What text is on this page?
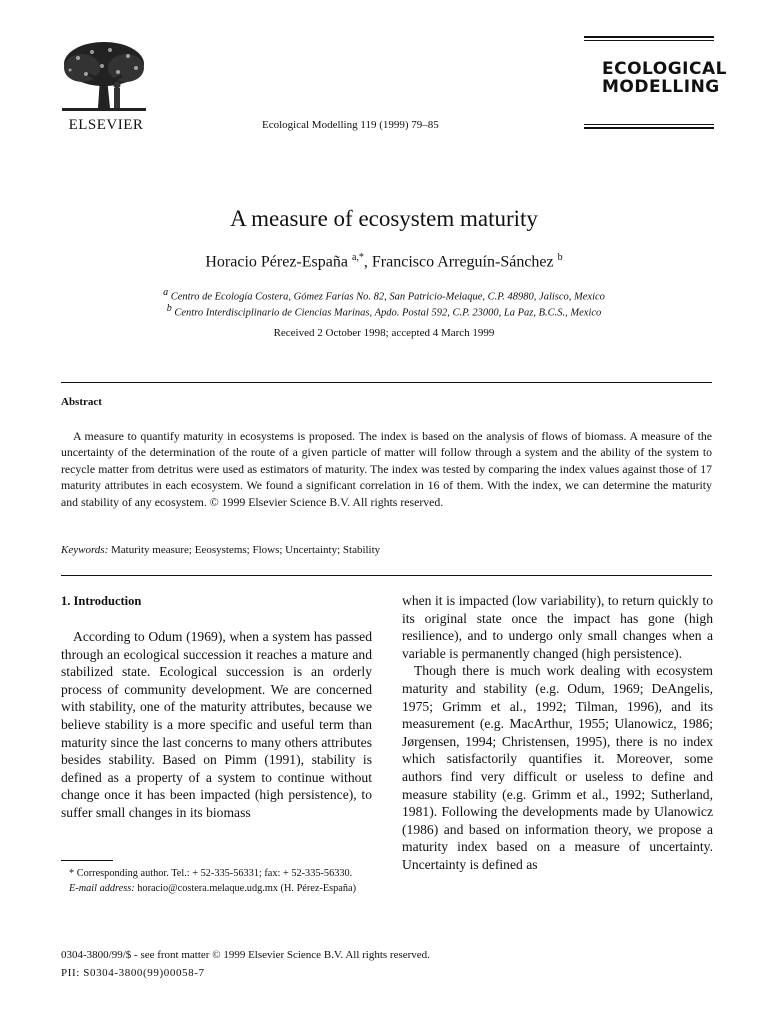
ELSEVIER	Ecological Modelling 119 (1999) 79–85
ECOLOGICAL
MODELLING
A measure of ecosystem maturity
Horacio Pérez-España $^{a,*}$, Francisco Arreguín-Sánchez $^b$
$^a$ Centro de Ecología Costera, Gómez Farías No. 82, San Patricio-Melaque, C.P. 48980, Jalisco, Mexico
$^b$ Centro Interdisciplinario de Ciencias Marinas, Apdo. Postal 592, C.P. 23000, La Paz, B.C.S., Mexico
Received 2 October 1998; accepted 4 March 1999
Abstract
A measure to quantify maturity in ecosystems is proposed. The index is based on the analysis of flows of biomass. A measure of the uncertainty of the determination of the route of a given particle of matter will follow through a system and the ability of the system to recycle matter from detritus were used as estimators of maturity. The index was tested by comparing the index values against those of 17 maturity attributes in each ecosystem. We found a significant correlation in 16 of them. With the index, we can determine the maturity and stability of any ecosystem. © 1999 Elsevier Science B.V. All rights reserved.
Keywords: Maturity measure; Eeosystems; Flows; Uncertainty; Stability
1. Introduction

According to Odum (1969), when a system has passed through an ecological succession it reaches a mature and stabilized state. Ecological succession is an orderly process of community development. We are concerned with stability, one of the maturity attributes, because we believe stability is a more specific and useful term than maturity since the last concerns to many others attributes besides stability. Based on Pimm (1991), stability is defined as a property of a system to continue without change once it has been impacted (high persistence), to suffer small changes in its biomass

when it is impacted (low variability), to return quickly to its original state once the impact has gone (high resilience), and to undergo only small changes when a variable is permanently changed (high persistence).

Though there is much work dealing with ecosystem maturity and stability (e.g. Odum, 1969; DeAngelis, 1975; Grimm et al., 1992; Tilman, 1996), and its measurement (e.g. MacArthur, 1955; Ulanowicz, 1986; Jørgensen, 1994; Christensen, 1995), there is no index which satisfactorily quantifies it. Moreover, some authors find very difficult or useless to define and measure stability (e.g. Grimm et al., 1992; Sutherland, 1981). Following the developments made by Ulanowicz (1986) and based on information theory, we propose a maturity index based on a measure of uncertainty. Uncertainty is defined as

* Corresponding author. Tel.: + 52-335-56331; fax: + 52-335-56330.

E-mail address: horacio@costera.melaque.udg.mx (H. Pérez-España)

0304-3800/99/$ - see front matter © 1999 Elsevier Science B.V. All rights reserved.
PII: S0304-3800(99)00058-7
